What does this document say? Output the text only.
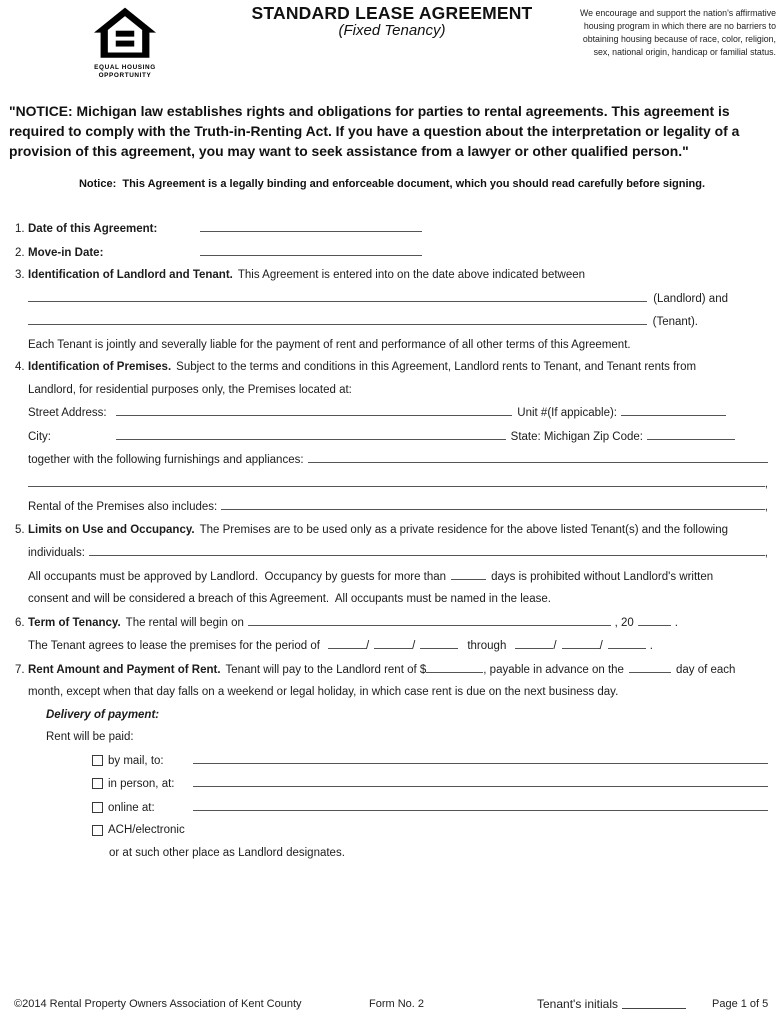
EQUAL HOUSING
OPPORTUNITY
STANDARD LEASE AGREEMENT
(Fixed Tenancy)
We encourage and support the nation's affirmative housing program in which there are no barriers to obtaining housing because of race, color, religion, sex, national origin, handicap or familial status.
"NOTICE: Michigan law establishes rights and obligations for parties to rental agreements. This agreement is required to comply with the Truth-in-Renting Act. If you have a question about the interpretation or legality of a provision of this agreement, you may want to seek assistance from a lawyer or other qualified person."
Notice:  This Agreement is a legally binding and enforceable document, which you should read carefully before signing.
1. Date of this Agreement:
2. Move-in Date:
3. Identification of Landlord and Tenant. This Agreement is entered into on the date above indicated between
(Landlord) and
(Tenant).
Each Tenant is jointly and severally liable for the payment of rent and performance of all other terms of this Agreement.
4. Identification of Premises. Subject to the terms and conditions in this Agreement, Landlord rents to Tenant, and Tenant rents from
Landlord, for residential purposes only, the Premises located at:
Street Address:	Unit #(If appicable):
City:	State: Michigan Zip Code:
together with the following furnishings and appliances:
,
Rental of the Premises also includes:	,
5. Limits on Use and Occupancy. The Premises are to be used only as a private residence for the above listed Tenant(s) and the following
individuals:	,
All occupants must be approved by Landlord.  Occupancy by guests for more than	days is prohibited without Landlord's written
consent and will be considered a breach of this Agreement.  All occupants must be named in the lease.
6. Term of Tenancy. The rental will begin on	, 20	.
The Tenant agrees to lease the premises for the period of	/	/	through	/	/	.
7. Rent Amount and Payment of Rent. Tenant will pay to the Landlord rent of $	, payable in advance on the	day of each
month, except when that day falls on a weekend or legal holiday, in which case rent is due on the next business day.
Delivery of payment:
Rent will be paid:
by mail, to:
in person, at:
online at:
ACH/electronic
or at such other place as Landlord designates.
©2014 Rental Property Owners Association of Kent County	Form No. 2	Tenant's initials	Page 1 of 5
